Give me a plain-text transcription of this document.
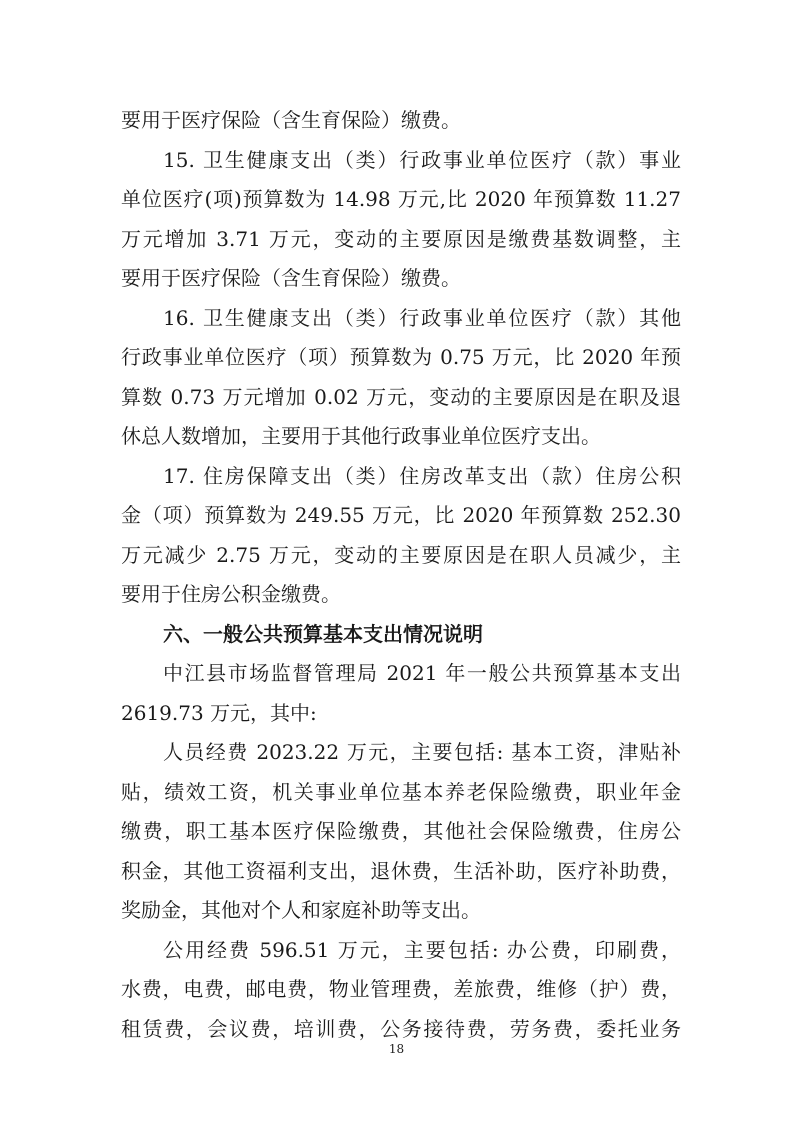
要用于医疗保险（含生育保险）缴费。
15. 卫生健康支出（类）行政事业单位医疗（款）事业
单位医疗(项)预算数为 14.98 万元,比 2020 年预算数 11.27
万元增加 3.71 万元，变动的主要原因是缴费基数调整，主
要用于医疗保险（含生育保险）缴费。
16. 卫生健康支出（类）行政事业单位医疗（款）其他
行政事业单位医疗（项）预算数为 0.75 万元，比 2020 年预
算数 0.73 万元增加 0.02 万元，变动的主要原因是在职及退
休总人数增加，主要用于其他行政事业单位医疗支出。
17. 住房保障支出（类）住房改革支出（款）住房公积
金（项）预算数为 249.55 万元，比 2020 年预算数 252.30
万元减少 2.75 万元，变动的主要原因是在职人员减少，主
要用于住房公积金缴费。
六、一般公共预算基本支出情况说明
中江县市场监督管理局 2021 年一般公共预算基本支出
2619.73 万元，其中:
人员经费 2023.22 万元，主要包括: 基本工资，津贴补
贴，绩效工资，机关事业单位基本养老保险缴费，职业年金
缴费，职工基本医疗保险缴费，其他社会保险缴费，住房公
积金，其他工资福利支出，退休费，生活补助，医疗补助费，
奖励金，其他对个人和家庭补助等支出。
公用经费 596.51 万元，主要包括: 办公费，印刷费，
水费，电费，邮电费，物业管理费，差旅费，维修（护）费，
租赁费，会议费，培训费，公务接待费，劳务费，委托业务
18
